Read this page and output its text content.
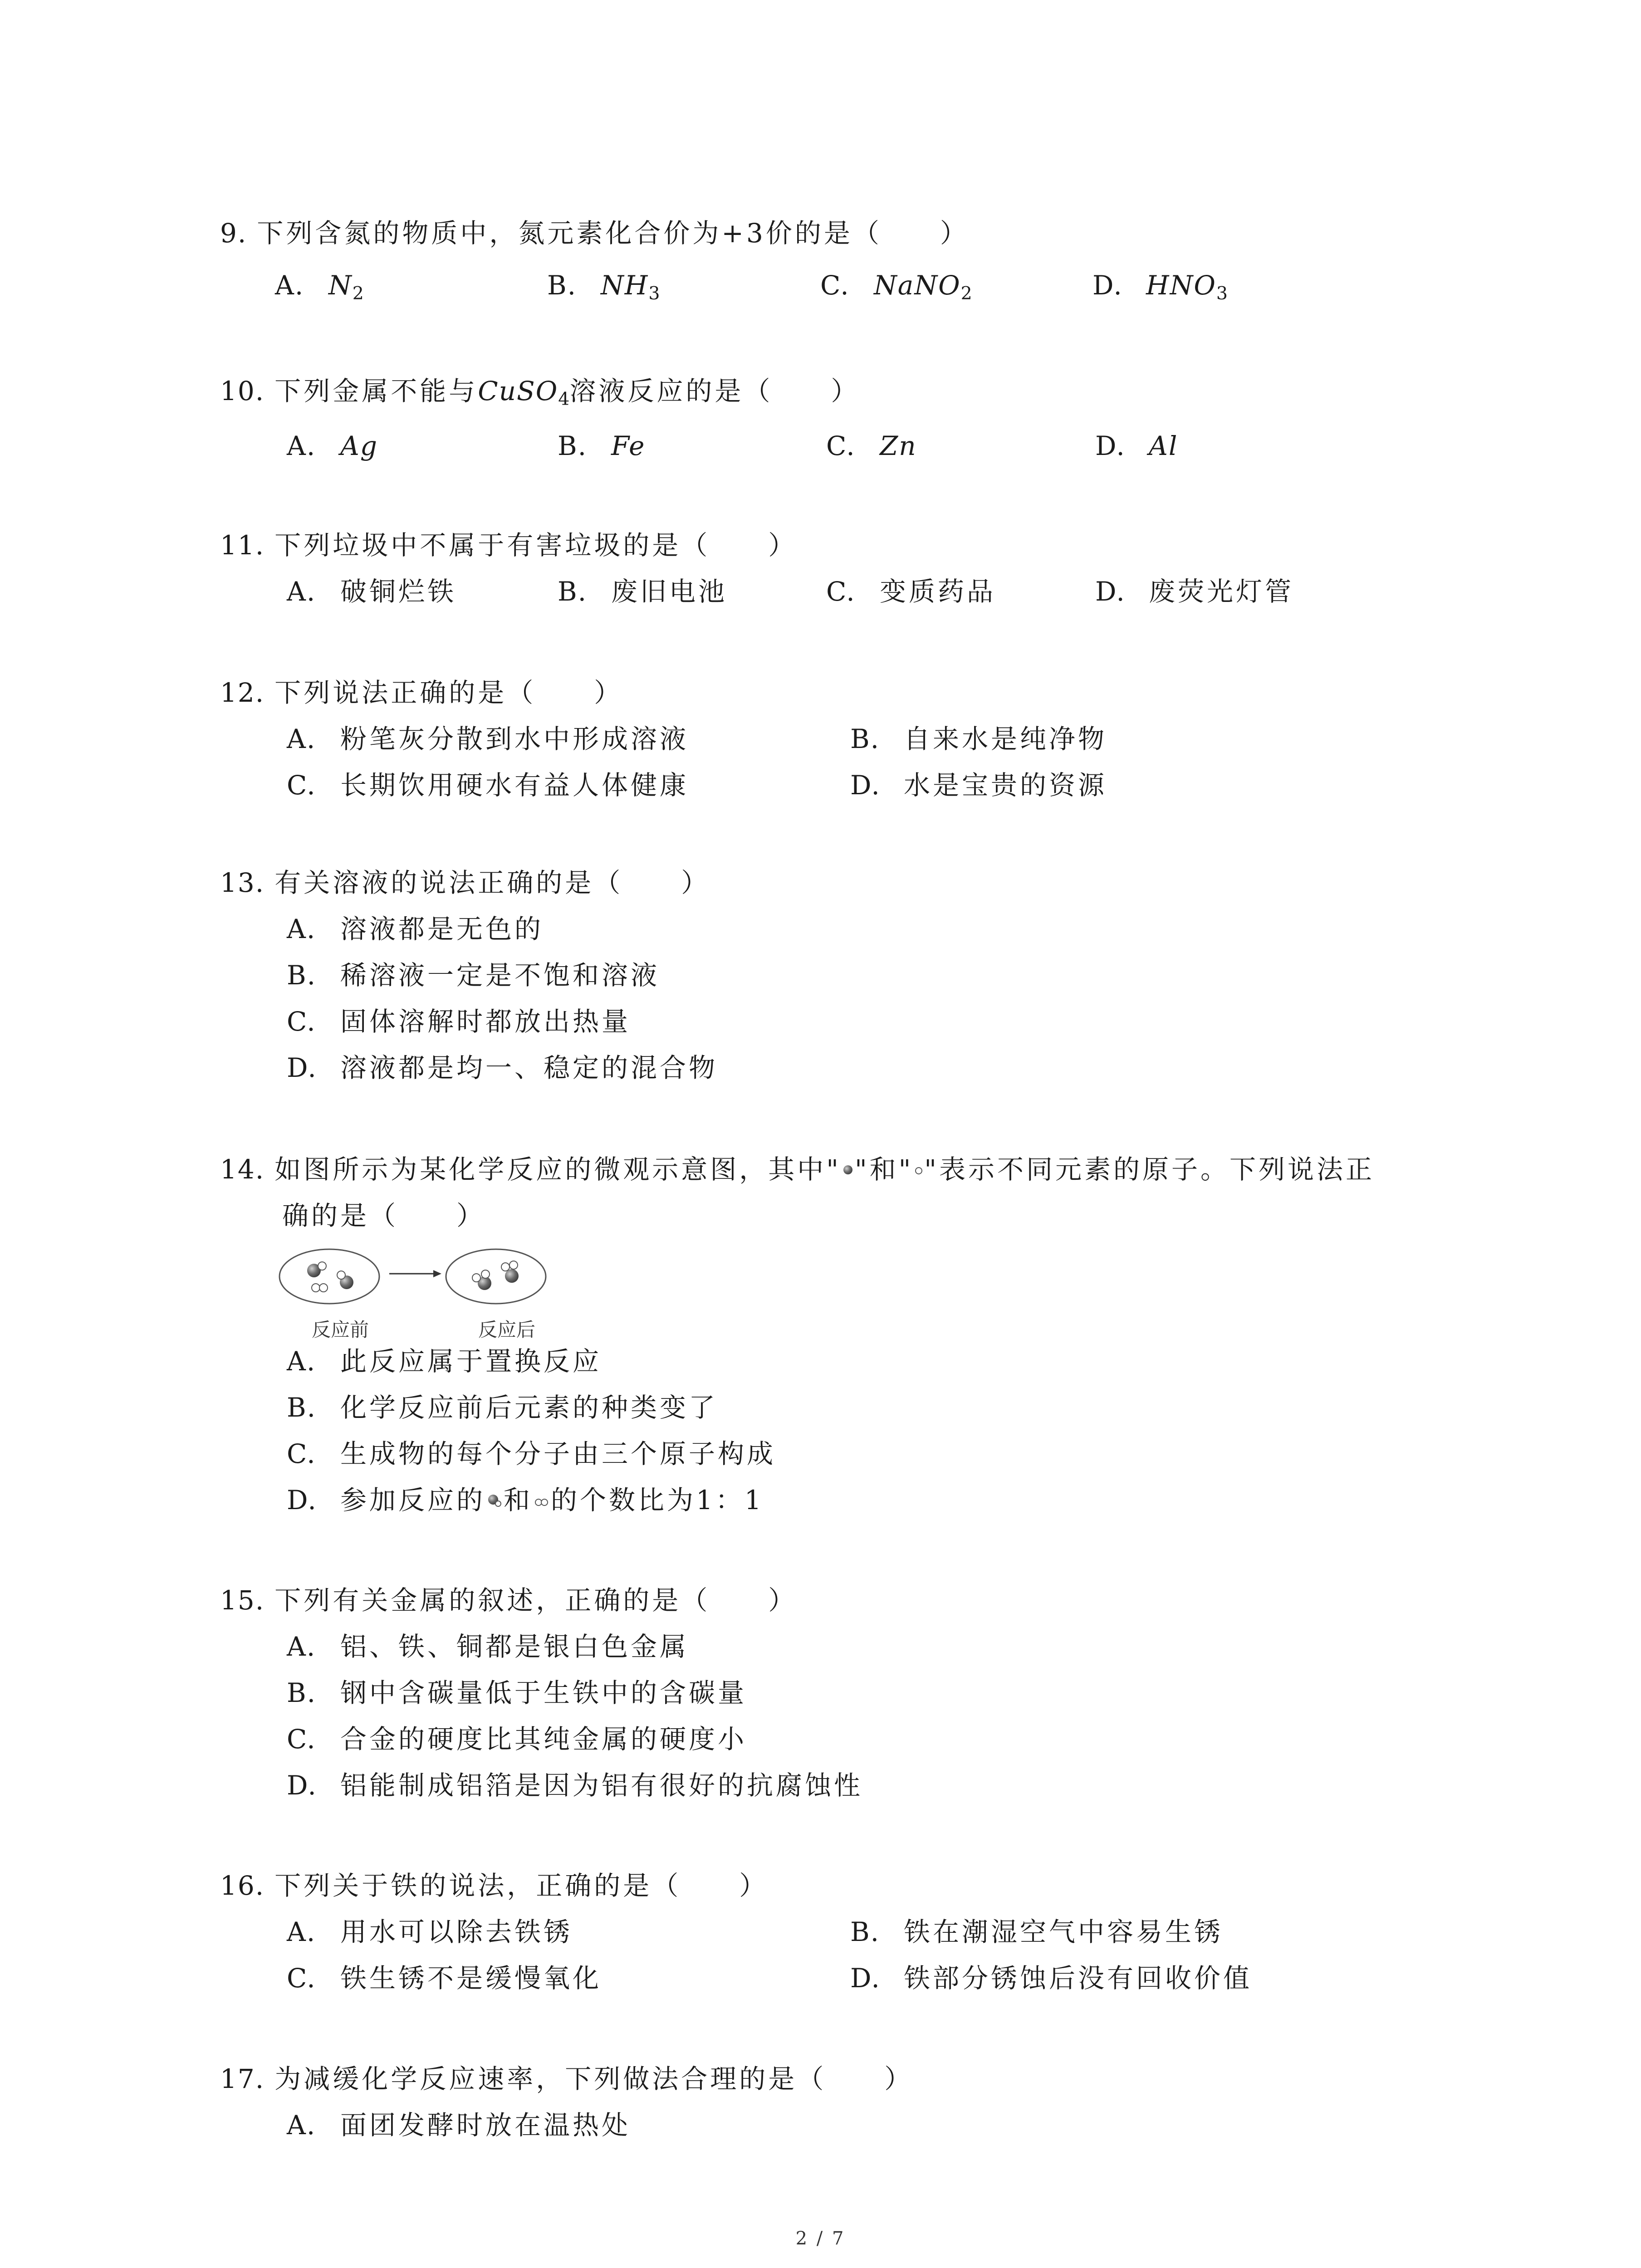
9. 下列含氮的物质中，氮元素化合价为+3价的是（　　）
A. $N_2$	B. $NH_3$	C. NaNO$_2$	D. $HNO_3$
10. 下列金属不能与CuSO$_4$溶液反应的是（　　）
A. Ag	B. Fe	C. Zn	D. Al
11. 下列垃圾中不属于有害垃圾的是（　　）
A. 破铜烂铁	B. 废旧电池	C. 变质药品	D. 废荧光灯管
12. 下列说法正确的是（　　）
A. 粉笔灰分散到水中形成溶液	B. 自来水是纯净物
C. 长期饮用硬水有益人体健康	D. 水是宝贵的资源
13. 有关溶液的说法正确的是（　　）
A. 溶液都是无色的
B. 稀溶液一定是不饱和溶液
C. 固体溶解时都放出热量
D. 溶液都是均一、稳定的混合物
14. 如图所示为某化学反应的微观示意图，其中" "和" "表示不同元素的原子。下列说法正
确的是（　　）
反应前	反应后
A. 此反应属于置换反应
B. 化学反应前后元素的种类变了
C. 生成物的每个分子由三个原子构成
D. 参加反应的 和 的个数比为1：1
15. 下列有关金属的叙述，正确的是（　　）
A. 铝、铁、铜都是银白色金属
B. 钢中含碳量低于生铁中的含碳量
C. 合金的硬度比其纯金属的硬度小
D. 铝能制成铝箔是因为铝有很好的抗腐蚀性
16. 下列关于铁的说法，正确的是（　　）
A. 用水可以除去铁锈	B. 铁在潮湿空气中容易生锈
C. 铁生锈不是缓慢氧化	D. 铁部分锈蚀后没有回收价值
17. 为减缓化学反应速率，下列做法合理的是（　　）
A. 面团发酵时放在温热处
2 / 7
